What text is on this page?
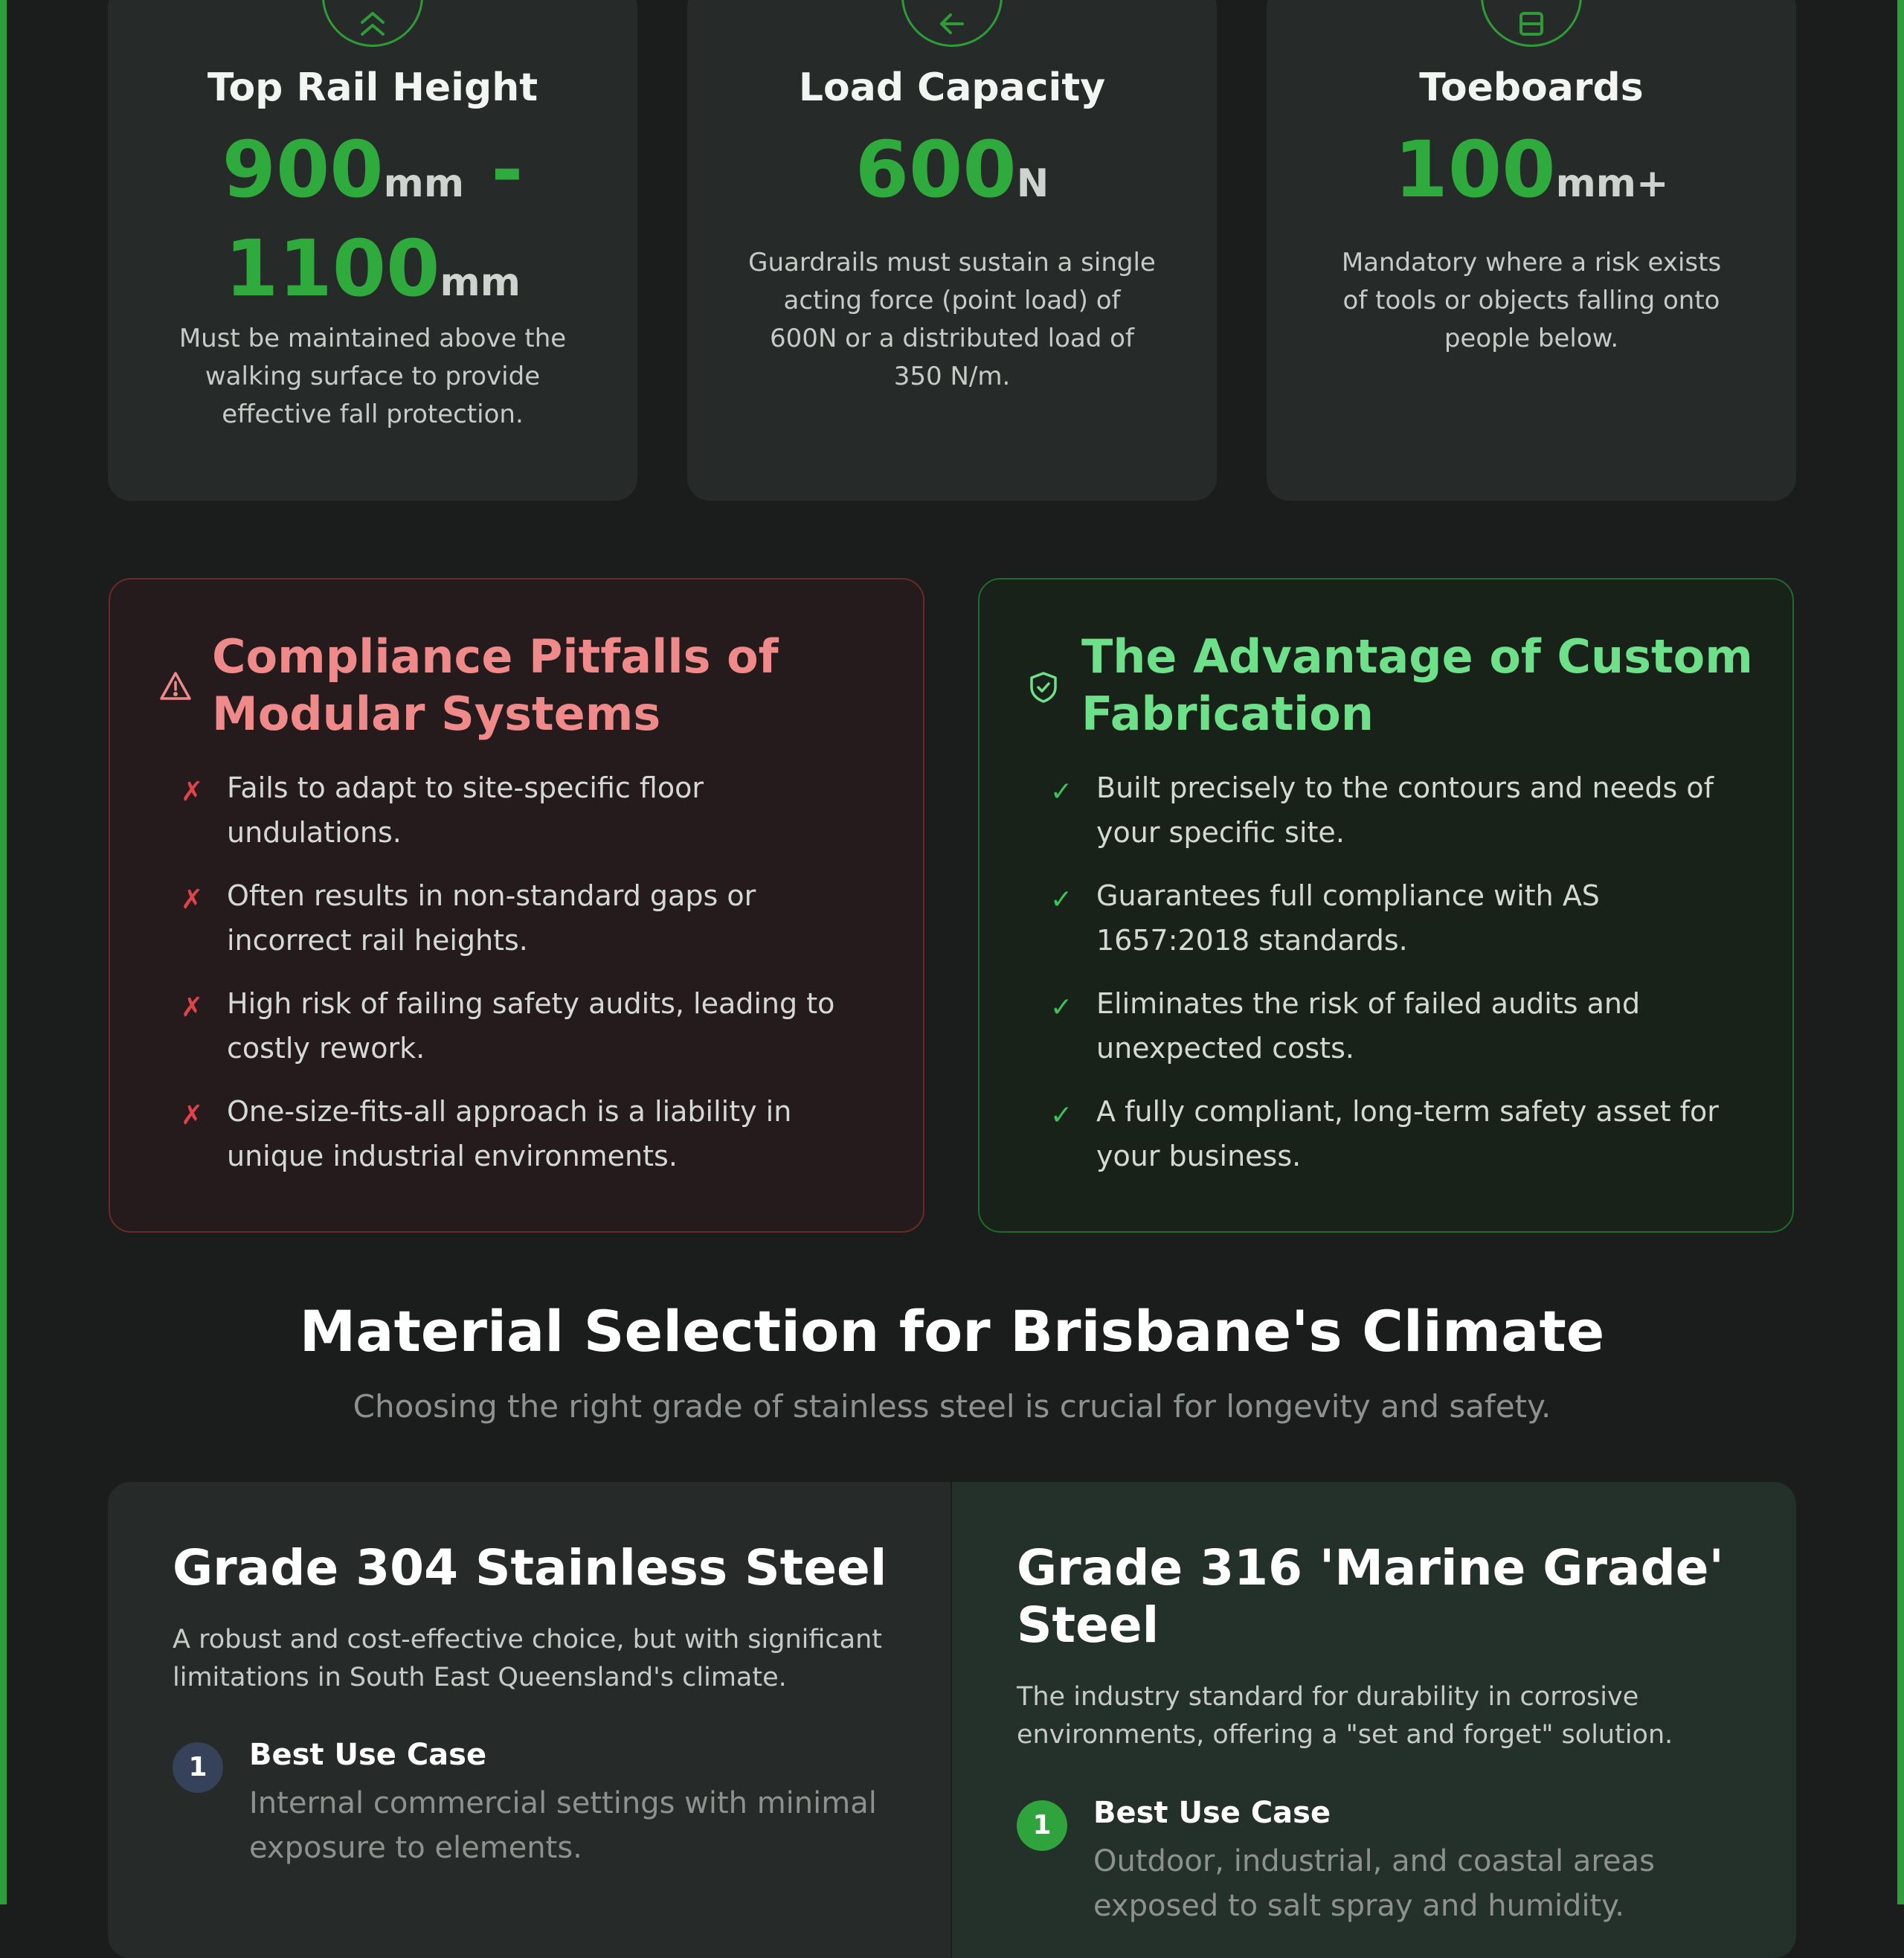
Top Rail Height
900mm - 1100mm
Must be maintained above the walking surface to provide effective fall protection.
Load Capacity
600N
Guardrails must sustain a single acting force (point load) of 600N or a distributed load of 350 N/m.
Toeboards
100mm+
Mandatory where a risk exists of tools or objects falling onto people below.
Compliance Pitfalls of Modular Systems
✗ Fails to adapt to site-specific floor undulations.
✗ Often results in non-standard gaps or incorrect rail heights.
✗ High risk of failing safety audits, leading to costly rework.
✗ One-size-fits-all approach is a liability in unique industrial environments.
The Advantage of Custom Fabrication
✓ Built precisely to the contours and needs of your specific site.
✓ Guarantees full compliance with AS 1657:2018 standards.
✓ Eliminates the risk of failed audits and unexpected costs.
✓ A fully compliant, long-term safety asset for your business.
Material Selection for Brisbane's Climate
Choosing the right grade of stainless steel is crucial for longevity and safety.
Grade 304 Stainless Steel
A robust and cost-effective choice, but with significant limitations in South East Queensland's climate.
1	Best Use Case
Internal commercial settings with minimal exposure to elements.
Grade 316 'Marine Grade' Steel
The industry standard for durability in corrosive environments, offering a "set and forget" solution.
1	Best Use Case
Outdoor, industrial, and coastal areas exposed to salt spray and humidity.
